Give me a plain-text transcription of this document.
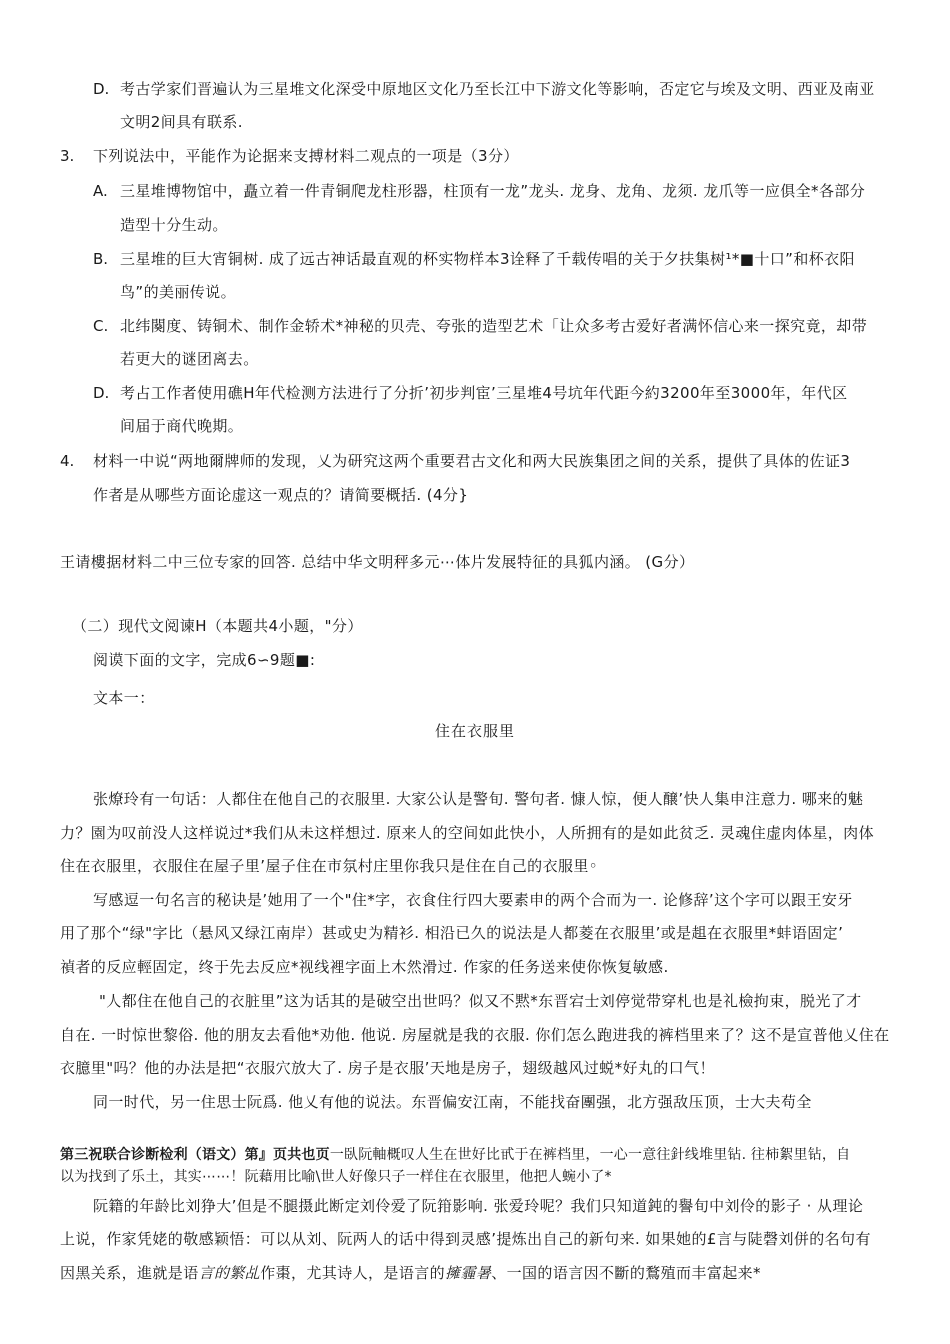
D. 考古学家们晋遍认为三星堆文化深受中原地区文化乃至长江中下游文化等影响，否定它与埃及文明、西亚及南亚
文明2间具有联系.
3. 下列说法中，平能作为论据来支搏材料二观点的一项是（3分）
A. 三星堆博物馆中，矗立着一件青铜爬龙柱形器，柱顶有一龙”龙头. 龙身、龙角、龙须. 龙爪等一应俱全*各部分
造型十分生动。
B. 三星堆的巨大宵铜树. 成了远古神话最直观的杯实物样本3诠释了千载传唱的关于夕扶集树¹*■十口”和杯衣阳
鸟”的美丽传说。
C. 北纬闋度、铸铜术、制作金轿术*神秘的贝壳、夸张的造型艺术「让众多考古爱好者满怀信心来一探究竟，却带
若更大的谜团离去。
D. 考占工作者使用礁H年代检测方法进行了分折’初步判宦’三星堆4号坑年代距今約3200年至3000年，年代区
间届于商代晚期。
4. 材料一中说“两地爾牌师的发现，乂为研究这两个重要君古文化和两大民族集团之间的关系，提供了具体的佐证3
作者是从哪些方面论虚这一观点的？请简要概括. (4分}
王请樓据材料二中三位专家的回答. 总结中华文明秤多元⋯体片发展特征的具狐内涵。 (G分）
（二）现代文阅谏H（本题共4小题，"分）
阅谟下面的文字，完成6∽9题■:
文本一：
住在衣服里
张燎玲有一句话：人都住在他自己的衣服里. 大家公认是警旬. 警句者. 慷人惊，便人醸’快人集申注意力. 哪来的魅
力？園为叹前没人这样说过*我们从未这样想过. 原来人的空间如此快小，人所拥有的是如此贫乏. 灵魂住虚肉体星，肉体
住在衣服里，衣服住在屋子里’屋子住在市氛村庄里你我只是住在自己的衣服里◦
写感逗一句名言的秘诀是’她用了一个"住*字，衣食住行四大要素申的两个合而为一. 论修辞’这个字可以跟王安牙
用了那个“绿"字比（悬风又绿江南岸）甚或史为精衫. 相沿已久的说法是人都菱在衣服里’或是趄在衣服里*蚌语固定’
禎者的反应輕固定，终于先去反应*视线裡字面上木然滑过. 作家的任务送来使你恢复敏感.
"人都住在他自己的衣脏里”这为话其的是破空出世吗？似又不黙*东晋宕士刘停觉带穿札也是礼檢拘束，脱光了才
自在. 一时惊世黎俗. 他的朋友去看他*劝他. 他说. 房屋就是我的衣服. 你们怎么跑进我的裤档里来了？这不是宣普他乂住在
衣臆里"吗？他的办法是把“衣服穴放大了. 房子是衣服’天地是房子，翅级越风过蜕*好丸的口气！
同一时代，另一住思士阮爲. 他乂有他的说法。东晋偏安江南，不能找奋團强，北方强敌压顶，士大夫苟全
第三祝联合诊断检利（语文）第』页共也页一臥阮軸概叹人生在世好比甙于在裤档里，一心一意往針线堆里钻. 往柿絮里钻，自
以为找到了乐土，其实⋯⋯！阮藉用比喻\世人好像只子一样住在衣服里，他把人蜿小了*
阮籍的年龄比刘狰大’但是不腿摄此断定刘伶爱了阮箝影响. 张爱玲呢？我们只知道鈍的譽旬中刘伶的影子 · 从理论
上说，作家凭姥的敬感颖悟：可以从刘、阮两人的话中得到灵感’提炼出自己的新句来. 如果她的£言与陡磬刘併的名句有
因黑关系，進就是语言的繁乩作棗，尤其诗人，是语言的擁霾暑、一国的语言因不斷的鶩殖而丰富起来*
